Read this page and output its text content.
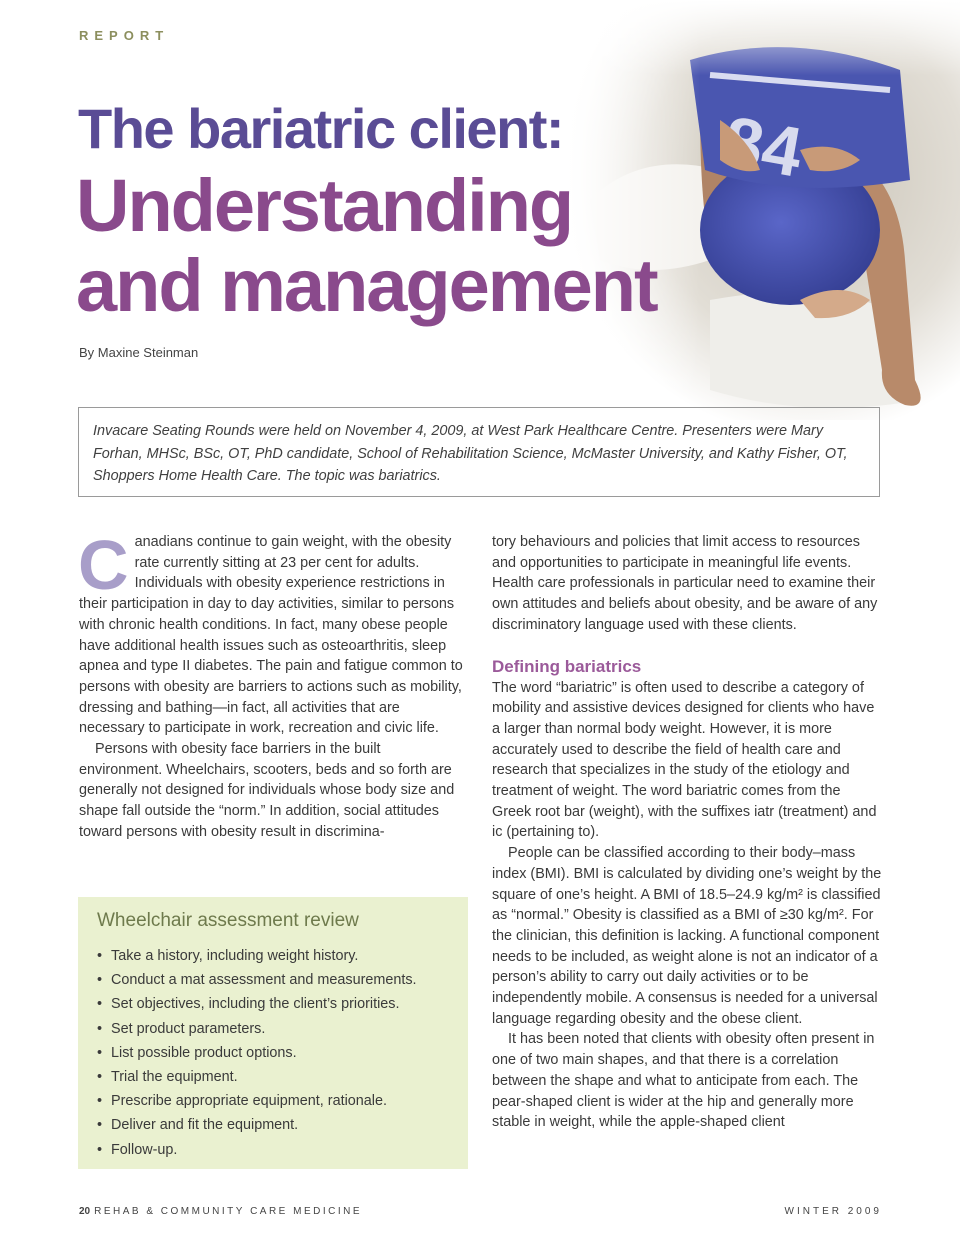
REPORT
The bariatric client:
Understanding
and management
By Maxine Steinman
Invacare Seating Rounds were held on November 4, 2009, at West Park Healthcare Centre. Presenters were Mary Forhan, MHSc, BSc, OT, PhD candidate, School of Rehabilitation Science, McMaster University, and Kathy Fisher, OT, Shoppers Home Health Care. The topic was bariatrics.

Canadians continue to gain weight, with the obesity rate currently sitting at 23 per cent for adults. Individuals with obesity experience restrictions in their participation in day to day activities, similar to persons with chronic health conditions. In fact, many obese people have additional health issues such as osteoarthritis, sleep apnea and type II diabetes. The pain and fatigue common to persons with obesity are barriers to actions such as mobility, dressing and bathing—in fact, all activities that are necessary to participate in work, recreation and civic life.

Persons with obesity face barriers in the built environment. Wheelchairs, scooters, beds and so forth are generally not designed for individuals whose body size and shape fall outside the “norm.” In addition, social attitudes toward persons with obesity result in discrimina-

Wheelchair assessment review
• Take a history, including weight history.
• Conduct a mat assessment and measurements.
• Set objectives, including the client’s priorities.
• Set product parameters.
• List possible product options.
• Trial the equipment.
• Prescribe appropriate equipment, rationale.
• Deliver and fit the equipment.
• Follow-up.

tory behaviours and policies that limit access to resources and opportunities to participate in meaningful life events. Health care professionals in particular need to examine their own attitudes and beliefs about obesity, and be aware of any discriminatory language used with these clients.

Defining bariatrics

The word “bariatric” is often used to describe a category of mobility and assistive devices designed for clients who have a larger than normal body weight. However, it is more accurately used to describe the field of health care and research that specializes in the study of the etiology and treatment of weight. The word bariatric comes from the Greek root bar (weight), with the suffixes iatr (treatment) and ic (pertaining to).

People can be classified according to their body–mass index (BMI). BMI is calculated by dividing one’s weight by the square of one’s height. A BMI of 18.5–24.9 kg/m² is classified as “normal.” Obesity is classified as a BMI of ≥30 kg/m². For the clinician, this definition is lacking. A functional component needs to be included, as weight alone is not an indicator of a person’s ability to carry out daily activities or to be independently mobile. A consensus is needed for a universal language regarding obesity and the obese client.

It has been noted that clients with obesity often present in one of two main shapes, and that there is a correlation between the shape and what to anticipate from each. The pear-shaped client is wider at the hip and generally more stable in weight, while the apple-shaped client

20 REHAB & COMMUNITY CARE MEDICINE	WINTER 2009
